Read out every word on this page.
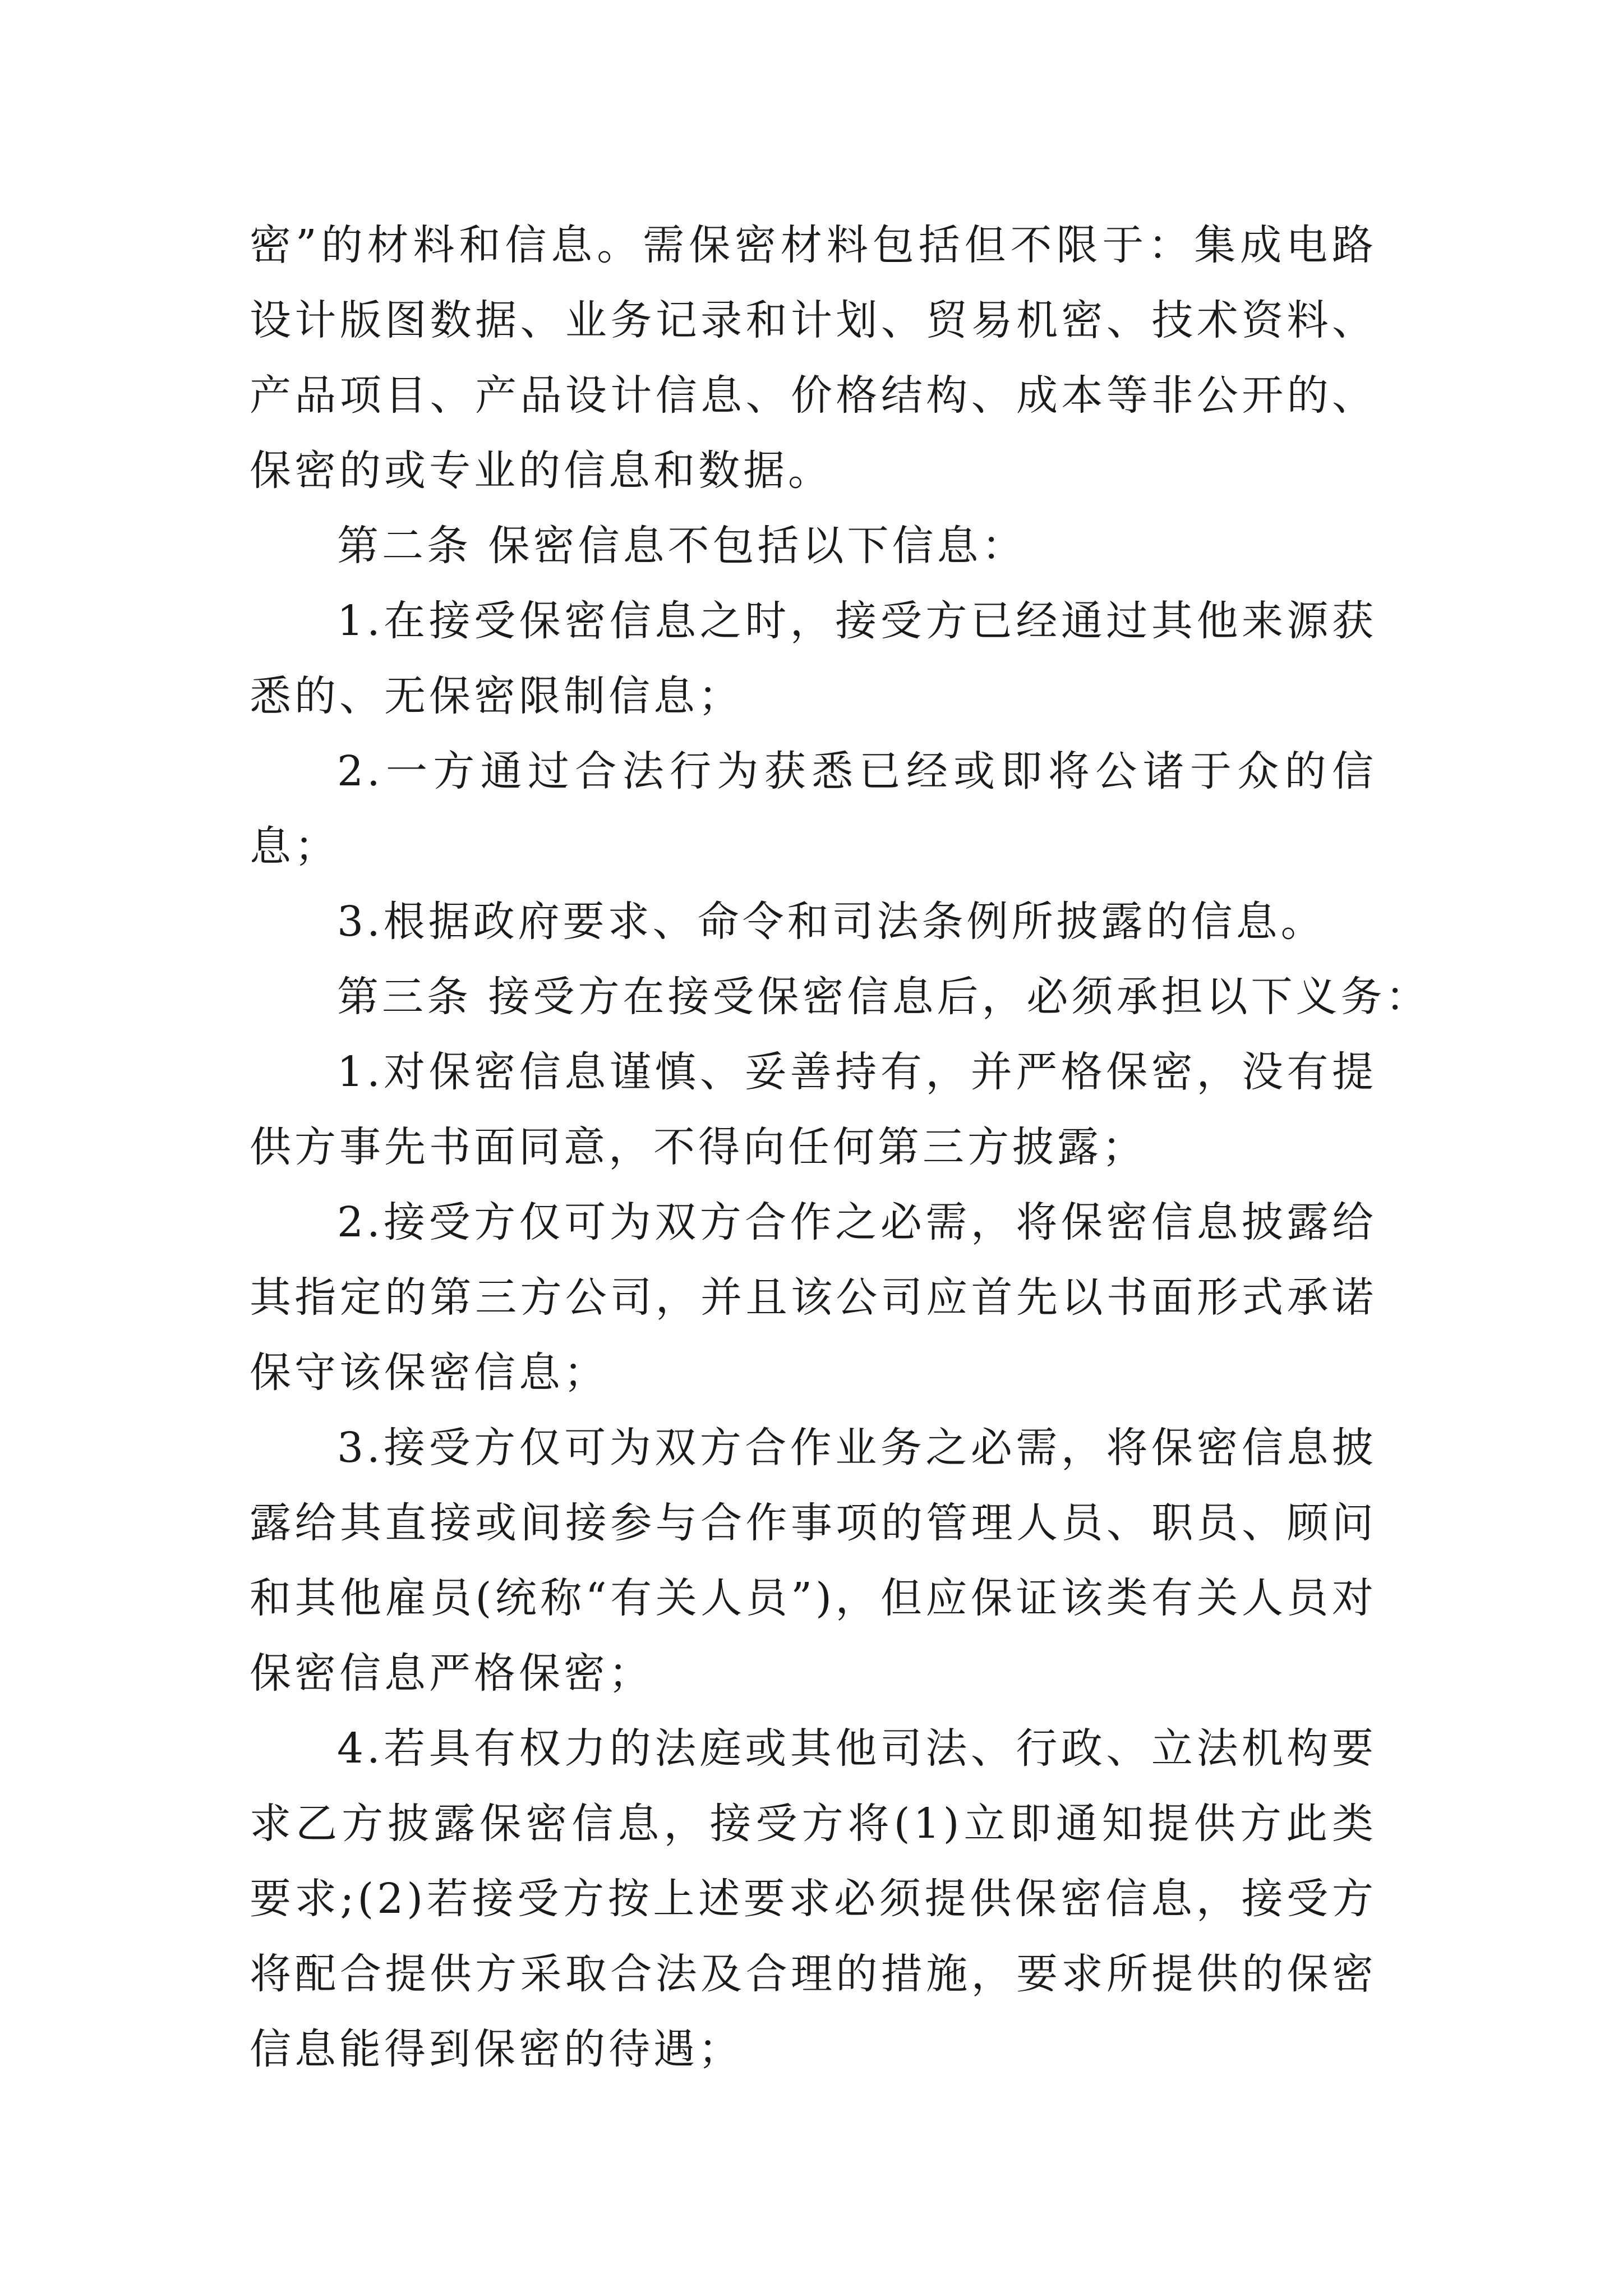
密”的材料和信息。需保密材料包括但不限于：集成电路设计版图数据、业务记录和计划、贸易机密、技术资料、产品项目、产品设计信息、价格结构、成本等非公开的、保密的或专业的信息和数据。

第二条 保密信息不包括以下信息：

1.在接受保密信息之时，接受方已经通过其他来源获悉的、无保密限制信息；

2.一方通过合法行为获悉已经或即将公诸于众的信息；

3.根据政府要求、命令和司法条例所披露的信息。

第三条 接受方在接受保密信息后，必须承担以下义务：

1.对保密信息谨慎、妥善持有，并严格保密，没有提供方事先书面同意，不得向任何第三方披露；

2.接受方仅可为双方合作之必需，将保密信息披露给其指定的第三方公司，并且该公司应首先以书面形式承诺保守该保密信息；

3.接受方仅可为双方合作业务之必需，将保密信息披露给其直接或间接参与合作事项的管理人员、职员、顾问和其他雇员(统称“有关人员”)，但应保证该类有关人员对保密信息严格保密；

4.若具有权力的法庭或其他司法、行政、立法机构要求乙方披露保密信息，接受方将(1)立即通知提供方此类要求;(2)若接受方按上述要求必须提供保密信息，接受方将配合提供方采取合法及合理的措施，要求所提供的保密信息能得到保密的待遇；
